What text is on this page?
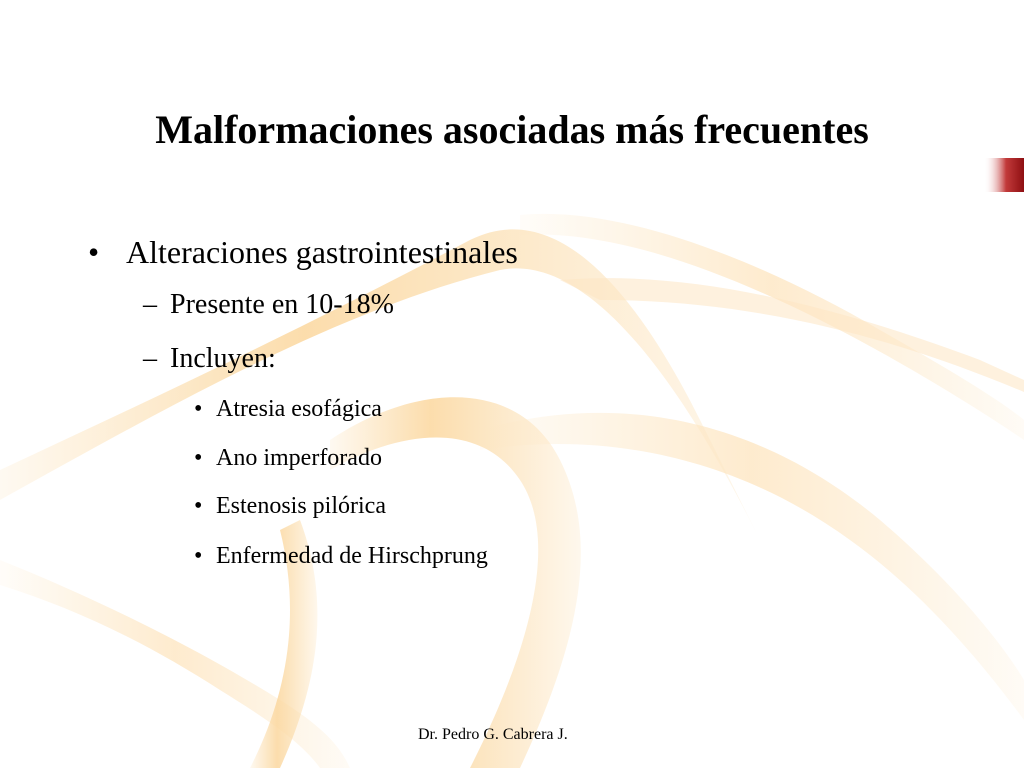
Malformaciones asociadas más frecuentes
• Alteraciones gastrointestinales
– Presente en 10-18%
– Incluyen:
• Atresia esofágica
• Ano imperforado
• Estenosis pilórica
• Enfermedad de Hirschprung
Dr. Pedro G. Cabrera J.
